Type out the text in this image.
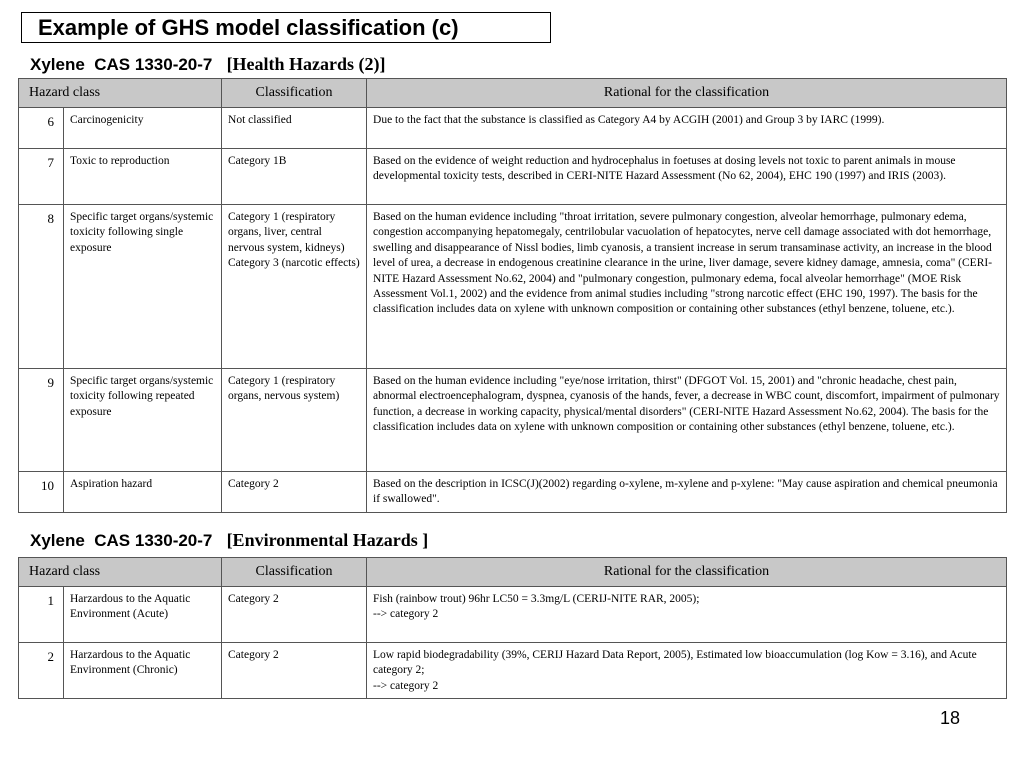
Example of GHS model classification (c)
Xylene  CAS 1330-20-7 [Health Hazards (2)]
Hazard class		Classification	Rational for the classification
6	Carcinogenicity	Not classified	Due to the fact that the substance is classified as Category A4 by ACGIH (2001) and Group 3 by IARC (1999).
7	Toxic to reproduction	Category 1B	Based on the evidence of weight reduction and hydrocephalus in foetuses at dosing levels not toxic to parent animals in mouse developmental toxicity tests, described in CERI-NITE Hazard Assessment (No 62, 2004), EHC 190 (1997) and IRIS (2003).
8	Specific target organs/systemic toxicity following single exposure	Category 1 (respiratory organs, liver, central nervous system, kidneys) Category 3 (narcotic effects)	Based on the human evidence including "throat irritation, severe pulmonary congestion, alveolar hemorrhage, pulmonary edema, congestion accompanying hepatomegaly, centrilobular vacuolation of hepatocytes, nerve cell damage associated with dot hemorrhage, swelling and disappearance of Nissl bodies, limb cyanosis, a transient increase in serum transaminase activity, an increase in the blood level of urea, a decrease in endogenous creatinine clearance in the urine, liver damage, severe kidney damage, amnesia, coma" (CERI-NITE Hazard Assessment No.62, 2004) and "pulmonary congestion, pulmonary edema, focal alveolar hemorrhage" (MOE Risk Assessment Vol.1, 2002) and the evidence from animal studies including "strong narcotic effect (EHC 190, 1997). The basis for the classification includes data on xylene with unknown composition or containing other substances (ethyl benzene, toluene, etc.).
9	Specific target organs/systemic toxicity following repeated exposure	Category 1 (respiratory organs, nervous system)	Based on the human evidence including "eye/nose irritation, thirst" (DFGOT Vol. 15, 2001) and "chronic headache, chest pain, abnormal electroencephalogram, dyspnea, cyanosis of the hands, fever, a decrease in WBC count, discomfort, impairment of pulmonary function, a decrease in working capacity, physical/mental disorders" (CERI-NITE Hazard Assessment No.62, 2004). The basis for the classification includes data on xylene with unknown composition or containing other substances (ethyl benzene, toluene, etc.).
10	Aspiration hazard	Category 2	Based on the description in ICSC(J)(2002) regarding o-xylene, m-xylene and p-xylene: "May cause aspiration and chemical pneumonia if swallowed".
Xylene  CAS 1330-20-7 [Environmental Hazards ]
Hazard class		Classification	Rational for the classification
1	Harzardous to the Aquatic Environment (Acute)	Category 2	Fish (rainbow trout) 96hr LC50 = 3.3mg/L (CERIJ-NITE RAR, 2005);
--> category 2

2	Harzardous to the Aquatic Environment (Chronic)	Category 2	Low rapid biodegradability (39%, CERIJ Hazard Data Report, 2005), Estimated low bioaccumulation (log Kow = 3.16), and Acute category 2;
--> category 2
18
